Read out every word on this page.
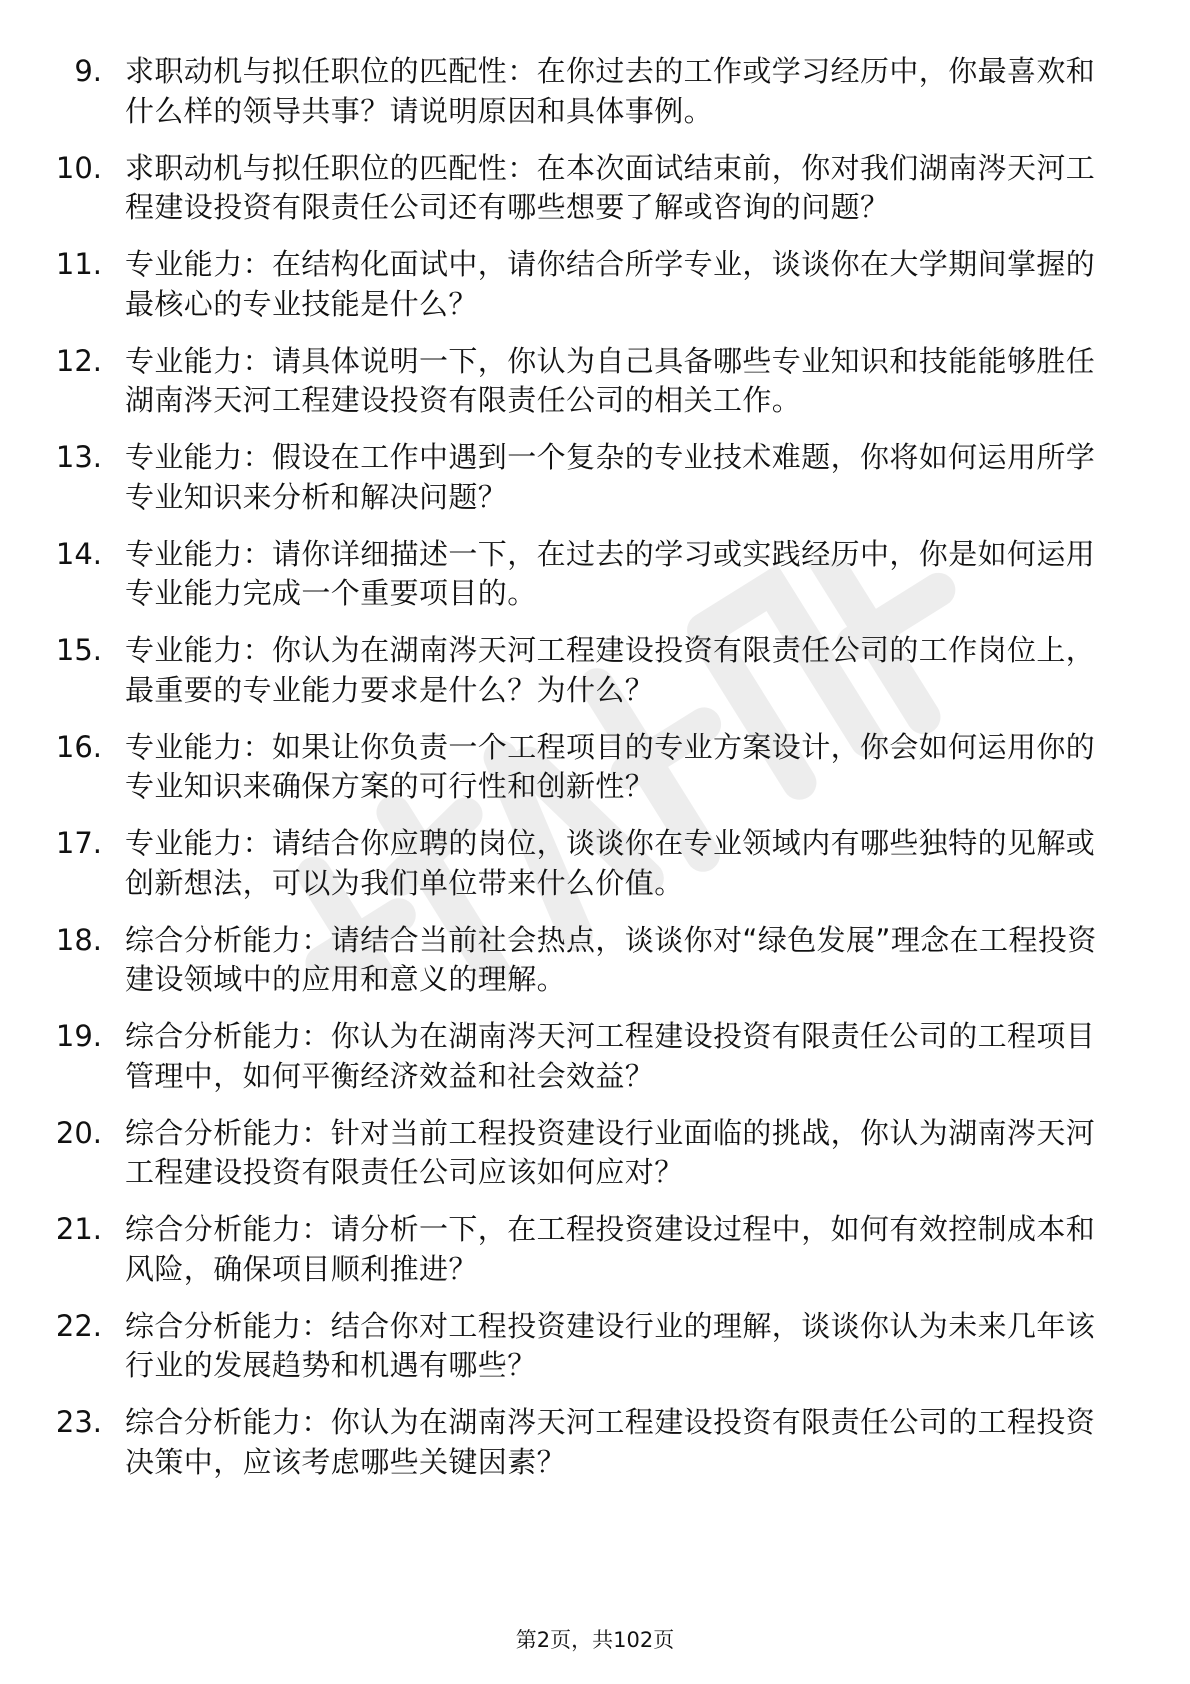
9. 求职动机与拟任职位的匹配性：在你过去的工作或学习经历中，你最喜欢和什么样的领导共事？请说明原因和具体事例。
10. 求职动机与拟任职位的匹配性：在本次面试结束前，你对我们湖南涔天河工程建设投资有限责任公司还有哪些想要了解或咨询的问题？
11. 专业能力：在结构化面试中，请你结合所学专业，谈谈你在大学期间掌握的最核心的专业技能是什么？
12. 专业能力：请具体说明一下，你认为自己具备哪些专业知识和技能能够胜任湖南涔天河工程建设投资有限责任公司的相关工作。
13. 专业能力：假设在工作中遇到一个复杂的专业技术难题，你将如何运用所学专业知识来分析和解决问题？
14. 专业能力：请你详细描述一下，在过去的学习或实践经历中，你是如何运用专业能力完成一个重要项目的。
15. 专业能力：你认为在湖南涔天河工程建设投资有限责任公司的工作岗位上，最重要的专业能力要求是什么？为什么？
16. 专业能力：如果让你负责一个工程项目的专业方案设计，你会如何运用你的专业知识来确保方案的可行性和创新性？
17. 专业能力：请结合你应聘的岗位，谈谈你在专业领域内有哪些独特的见解或创新想法，可以为我们单位带来什么价值。
18. 综合分析能力：请结合当前社会热点，谈谈你对“绿色发展”理念在工程投资建设领域中的应用和意义的理解。
19. 综合分析能力：你认为在湖南涔天河工程建设投资有限责任公司的工程项目管理中，如何平衡经济效益和社会效益？
20. 综合分析能力：针对当前工程投资建设行业面临的挑战，你认为湖南涔天河工程建设投资有限责任公司应该如何应对？
21. 综合分析能力：请分析一下，在工程投资建设过程中，如何有效控制成本和风险，确保项目顺利推进？
22. 综合分析能力：结合你对工程投资建设行业的理解，谈谈你认为未来几年该行业的发展趋势和机遇有哪些？
23. 综合分析能力：你认为在湖南涔天河工程建设投资有限责任公司的工程投资决策中，应该考虑哪些关键因素？
第2页，共102页
